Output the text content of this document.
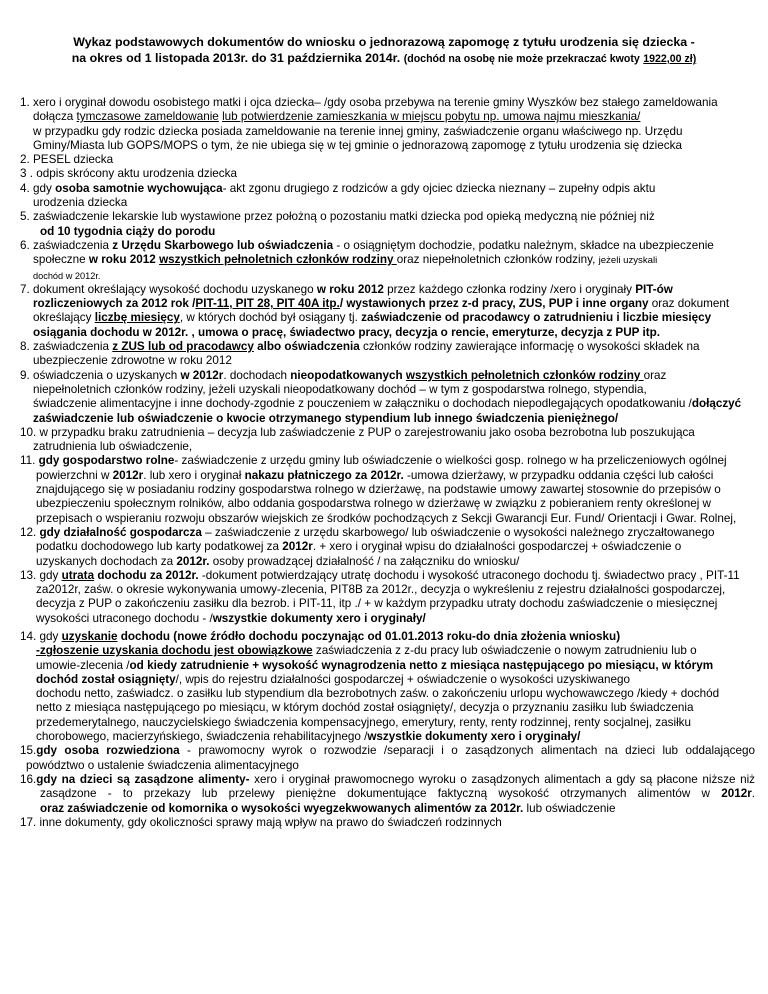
Wykaz podstawowych dokumentów do wniosku o jednorazową zapomogę z tytułu urodzenia się dziecka -
na okres od 1 listopada 2013r. do 31 października 2014r. (dochód na osobę nie może przekraczać kwoty 1922,00 zł)
1. xero i oryginał dowodu osobistego matki i ojca dziecka– /gdy osoba przebywa na terenie gminy Wyszków bez stałego zameldowania
dołącza tymczasowe zameldowanie lub potwierdzenie zamieszkania w miejscu pobytu np. umowa najmu mieszkania/
w przypadku gdy rodzic dziecka posiada zameldowanie na terenie innej gminy, zaświadczenie organu właściwego np. Urzędu
Gminy/Miasta lub GOPS/MOPS o tym, że nie ubiega się w tej gminie o jednorazową zapomogę z tytułu urodzenia się dziecka
2. PESEL dziecka
3 . odpis skrócony aktu urodzenia dziecka
4. gdy osoba samotnie wychowująca- akt zgonu drugiego z rodziców a gdy ojciec dziecka nieznany – zupełny odpis aktu
urodzenia dziecka
5. zaświadczenie lekarskie lub wystawione przez położną o pozostaniu matki dziecka pod opieką medyczną nie później niż
od 10 tygodnia ciąży do porodu
6. zaświadczenia z Urzędu Skarbowego lub oświadczenia - o osiągniętym dochodzie, podatku należnym, składce na ubezpieczenie
społeczne w roku 2012 wszystkich pełnoletnich członków rodziny oraz niepełnoletnich członków rodziny, jeżeli uzyskali
dochód w 2012r.
7. dokument określający wysokość dochodu uzyskanego w roku 2012 przez każdego członka rodziny /xero i oryginały PIT-ów
rozliczeniowych za 2012 rok /PIT-11, PIT 28, PIT 40A itp./ wystawionych przez z-d pracy, ZUS, PUP i inne organy oraz dokument
określający liczbę miesięcy, w których dochód był osiągany tj. zaświadczenie od pracodawcy o zatrudnieniu i liczbie miesięcy
osiągania dochodu w 2012r. , umowa o pracę, świadectwo pracy, decyzja o rencie, emeryturze, decyzja z PUP itp.
8. zaświadczenia z ZUS lub od pracodawcy albo oświadczenia członków rodziny zawierające informację o wysokości składek na
ubezpieczenie zdrowotne w roku 2012
9. oświadczenia o uzyskanych w 2012r. dochodach nieopodatkowanych wszystkich pełnoletnich członków rodziny oraz
niepełnoletnich członków rodziny, jeżeli uzyskali nieopodatkowany dochód – w tym z gospodarstwa rolnego, stypendia,
świadczenie alimentacyjne i inne dochody-zgodnie z pouczeniem w załączniku o dochodach niepodlegających opodatkowaniu /dołączyć
zaświadczenie lub oświadczenie o kwocie otrzymanego stypendium lub innego świadczenia pieniężnego/
10. w przypadku braku zatrudnienia – decyzja lub zaświadczenie z PUP o zarejestrowaniu jako osoba bezrobotna lub poszukująca
zatrudnienia lub oświadczenie,
11. gdy gospodarstwo rolne- zaświadczenie z urzędu gminy lub oświadczenie o wielkości gosp. rolnego w ha przeliczeniowych ogólnej
powierzchni w 2012r. lub xero i oryginał nakazu płatniczego za 2012r. -umowa dzierżawy, w przypadku oddania części lub całości
znajdującego się w posiadaniu rodziny gospodarstwa rolnego w dzierżawę, na podstawie umowy zawartej stosownie do przepisów o
ubezpieczeniu społecznym rolników, albo oddania gospodarstwa rolnego w dzierżawę w związku z pobieraniem renty określonej w
przepisach o wspieraniu rozwoju obszarów wiejskich ze środków pochodzących z Sekcji Gwarancji Eur. Fund/ Orientacji i Gwar. Rolnej,
12. gdy działalność gospodarcza – zaświadczenie z urzędu skarbowego/ lub oświadczenie o wysokości należnego zryczałtowanego
podatku dochodowego lub karty podatkowej za 2012r. + xero i oryginał wpisu do działalności gospodarczej + oświadczenie o
uzyskanych dochodach za 2012r. osoby prowadzącej działalność / na załączniku do wniosku/
13. gdy utrata dochodu za 2012r. -dokument potwierdzający utratę dochodu i wysokość utraconego dochodu tj. świadectwo pracy , PIT-11
za2012r, zaśw. o okresie wykonywania umowy-zlecenia, PIT8B za 2012r., decyzja o wykreśleniu z rejestru działalności gospodarczej,
decyzja z PUP o zakończeniu zasiłku dla bezrob. i PIT-11, itp ./ + w każdym przypadku utraty dochodu zaświadczenie o miesięcznej
wysokości utraconego dochodu - /wszystkie dokumenty xero i oryginały/
14. gdy uzyskanie dochodu (nowe źródło dochodu poczynając od 01.01.2013 roku-do dnia złożenia wniosku)
-zgłoszenie uzyskania dochodu jest obowiązkowe zaświadczenia z z-du pracy lub oświadczenie o nowym zatrudnieniu lub o
umowie-zlecenia /od kiedy zatrudnienie + wysokość wynagrodzenia netto z miesiąca następującego po miesiącu, w którym
dochód został osiągnięty/, wpis do rejestru działalności gospodarczej + oświadczenie o wysokości uzyskiwanego
dochodu netto, zaświadcz. o zasiłku lub stypendium dla bezrobotnych zaśw. o zakończeniu urlopu wychowawczego /kiedy + dochód
netto z miesiąca następującego po miesiącu, w którym dochód został osiągnięty/, decyzja o przyznaniu zasiłku lub świadczenia
przedemerytalnego, nauczycielskiego świadczenia kompensacyjnego, emerytury, renty, renty rodzinnej, renty socjalnej, zasiłku
chorobowego, macierzyńskiego, świadczenia rehabilitacyjnego /wszystkie dokumenty xero i oryginały/
15.gdy osoba rozwiedziona - prawomocny wyrok o rozwodzie /separacji i o zasądzonych alimentach na dzieci lub oddalającego
powództwo o ustalenie świadczenia alimentacyjnego
16.gdy na dzieci są zasądzone alimenty- xero i oryginał prawomocnego wyroku o zasądzonych alimentach a gdy są płacone niższe niż
zasądzone - to przekazy lub przelewy pieniężne dokumentujące faktyczną wysokość otrzymanych alimentów w 2012r.
oraz zaświadczenie od komornika o wysokości wyegzekwowanych alimentów za 2012r. lub oświadczenie
17. inne dokumenty, gdy okoliczności sprawy mają wpływ na prawo do świadczeń rodzinnych
